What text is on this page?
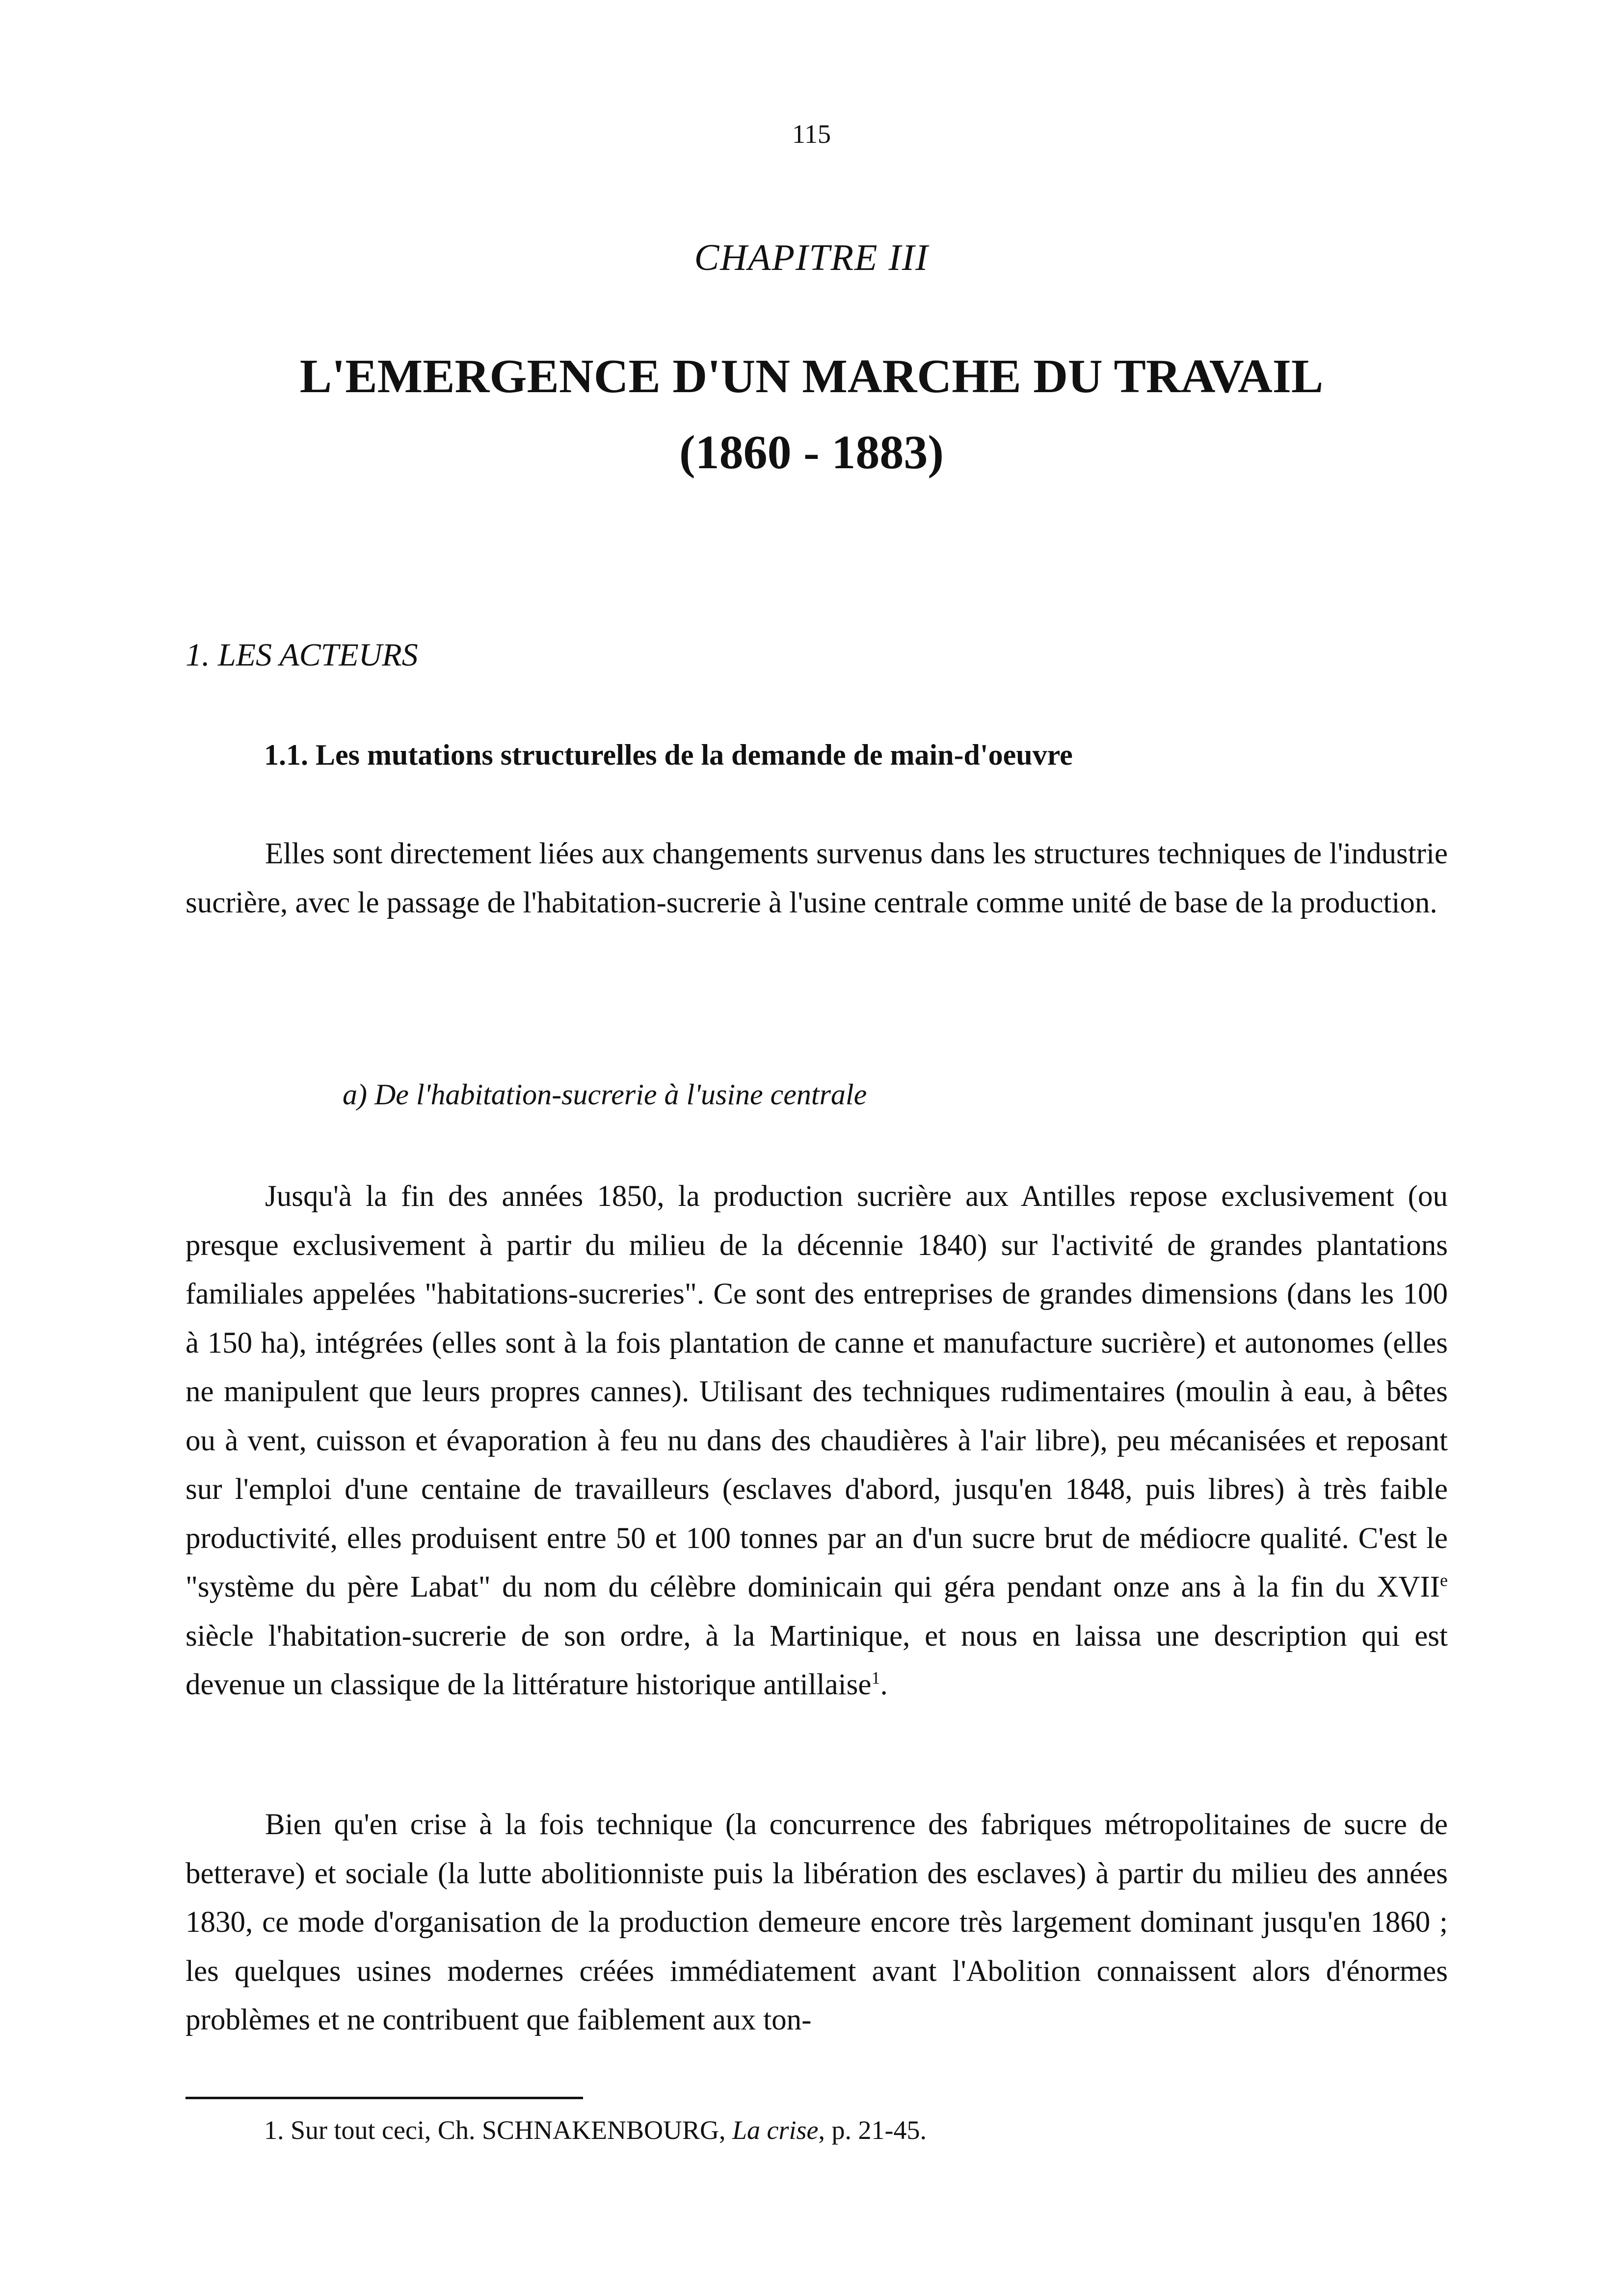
115
CHAPITRE III
L'EMERGENCE D'UN MARCHE DU TRAVAIL
(1860 - 1883)
1. LES ACTEURS
1.1. Les mutations structurelles de la demande de main-d'oeuvre

Elles sont directement liées aux changements survenus dans les structures techniques de l'industrie sucrière, avec le passage de l'habitation-sucrerie à l'usine centrale comme unité de base de la production.

a) De l'habitation-sucrerie à l'usine centrale

Jusqu'à la fin des années 1850, la production sucrière aux Antilles repose exclusivement (ou presque exclusivement à partir du milieu de la décennie 1840) sur l'activité de grandes plantations familiales appelées "habitations-sucreries". Ce sont des entreprises de grandes dimensions (dans les 100 à 150 ha), intégrées (elles sont à la fois plantation de canne et manufacture sucrière) et autonomes (elles ne manipulent que leurs propres cannes). Utilisant des techniques rudimentaires (moulin à eau, à bêtes ou à vent, cuisson et évaporation à feu nu dans des chaudières à l'air libre), peu mécanisées et reposant sur l'emploi d'une centaine de travailleurs (esclaves d'abord, jusqu'en 1848, puis libres) à très faible productivité, elles produisent entre 50 et 100 tonnes par an d'un sucre brut de médiocre qualité. C'est le "système du père Labat" du nom du célèbre dominicain qui géra pendant onze ans à la fin du XVIIe siècle l'habitation-sucrerie de son ordre, à la Martinique, et nous en laissa une description qui est devenue un classique de la littérature historique antillaise$^1$.

Bien qu'en crise à la fois technique (la concurrence des fabriques métropolitaines de sucre de betterave) et sociale (la lutte abolitionniste puis la libération des esclaves) à partir du milieu des années 1830, ce mode d'organisation de la production demeure encore très largement dominant jusqu'en 1860 ; les quelques usines modernes créées immédiatement avant l'Abolition connaissent alors d'énormes problèmes et ne contribuent que faiblement aux ton-

1. Sur tout ceci, Ch. SCHNAKENBOURG, La crise, p. 21-45.
